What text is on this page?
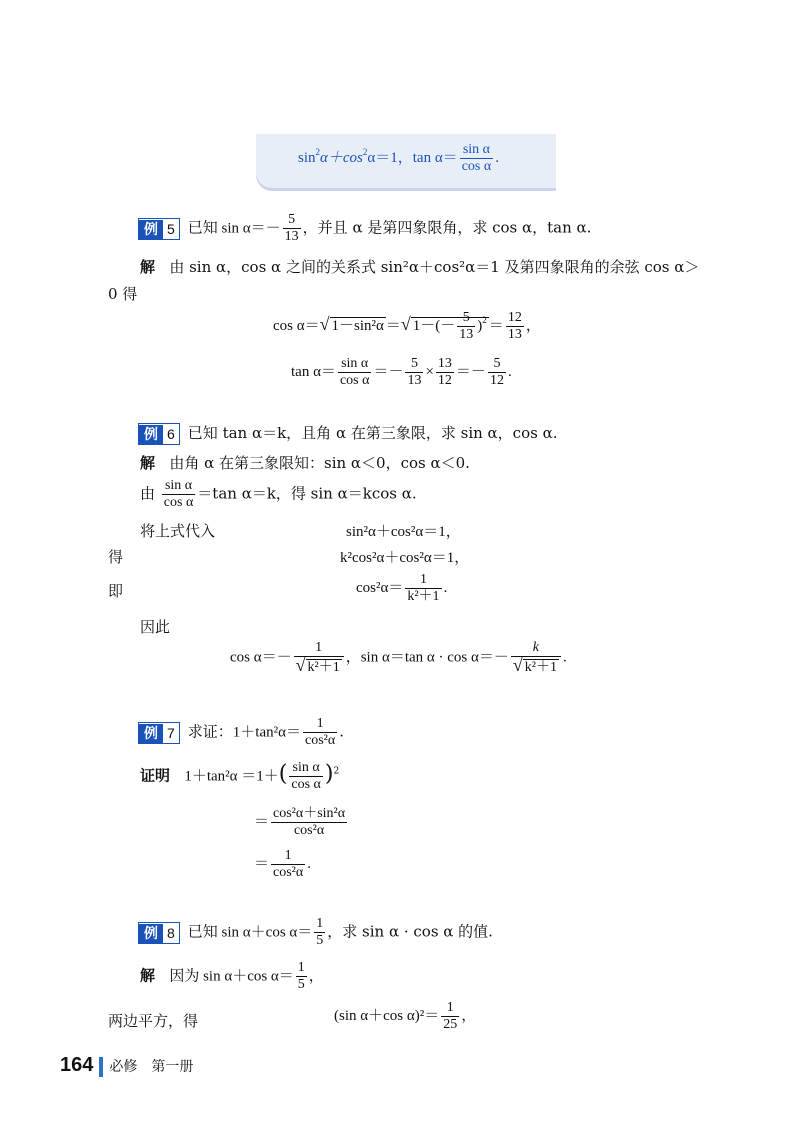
$\sin^2\alpha+\cos^2\alpha=1$，$\tan \alpha= \frac{\text{sin α}}{\text{cos α}}$ .
例 5 已知 $\sin \alpha=- \frac{5}{13}$ ，并且 α 是第四象限角，求 cos α，tan α.
解 由 sin α，cos α 之间的关系式 sin²α＋cos²α＝1 及第四象限角的余弦 cos α＞
0 得
cos α＝√ 1－sin²α ＝√ $1-(- \frac{5}{13} )^2 = \frac{12}{13}$ ，
$\tan \alpha= \frac{\text{sin α}}{\text{cos α}} =- \frac{5}{13} \times \frac{13}{12} =- \frac{5}{12}$ .
例 6 已知 tan α＝k，且角 α 在第三象限，求 sin α，cos α.
解 由角 α 在第三象限知：sin α＜0，cos α＜0.
由 $\frac{\text{sin α}}{\text{cos α}} =\tan$ α＝k，得 sin α＝kcos α.
将上式代入	sin²α＋cos²α＝1，
得	k²cos²α＋cos²α＝1，
即	$\cos^2\alpha= \frac{1}{\text{k²＋1}}$ .
因此
$\cos \alpha=- \frac{1}{\text{√ k²＋1}}$ ，sin α＝tan $\alpha \cdot \cos \alpha=- \frac{k}{\text{√ k²＋1}}$ .
例 7 求证：$1+\tan^2\alpha= \frac{1}{\text{cos²α}}$ .
证明 $1+\tan^2\alpha =1+( \frac{\text{sin α}}{\text{cos α}} )^2$
＝ $\frac{\text{cos²α＋sin²α}}{\text{cos²α}}$
＝ $\frac{1}{\text{cos²α}}$ .
例 8 已知 sin α＋cos $\alpha= \frac{1}{5}$ ，求 sin α · cos α 的值.
解 因为 sin α＋cos $\alpha= \frac{1}{5}$ ，
两边平方，得	(sin α＋cos $\alpha)^2= \frac{1}{25}$ ，
164 必修　第一册
